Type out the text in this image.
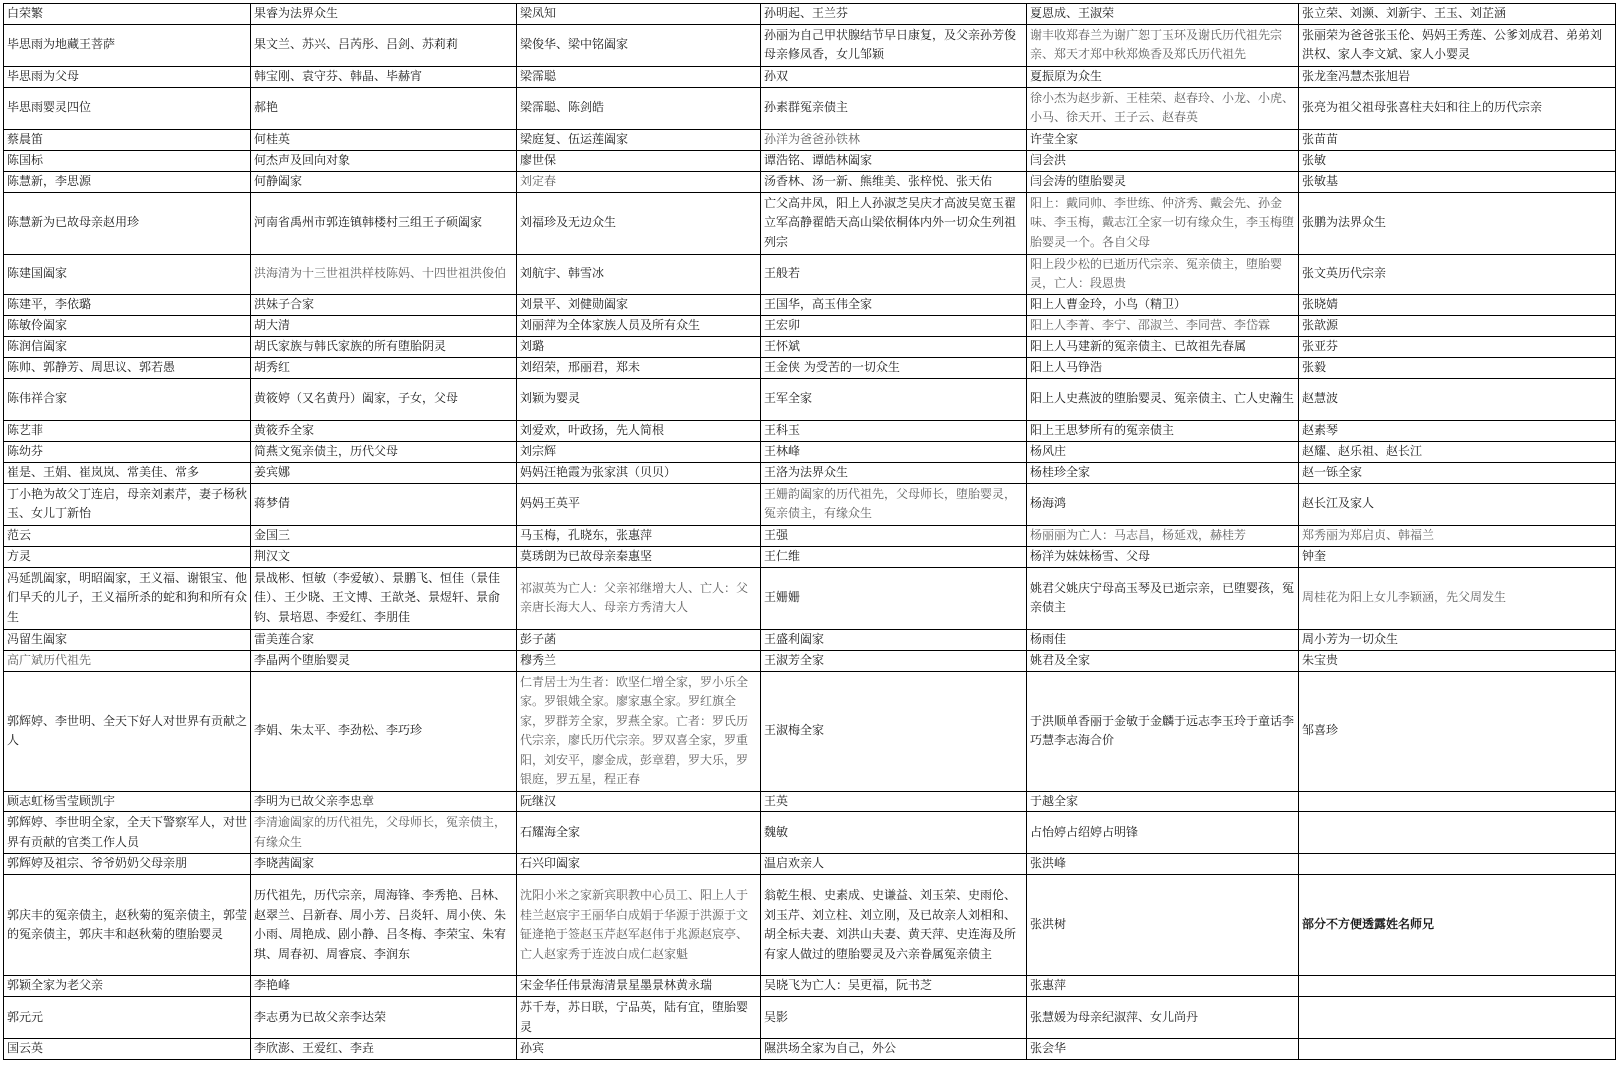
白荣繁	果睿为法界众生	梁凤知	孙明起、王兰芬	夏恩成、王淑荣	张立荣、刘濒、刘新宇、王玉、刘芷涵
毕思雨为地藏王菩萨	果文兰、苏兴、吕芮彤、吕剑、苏莉莉	梁俊华、梁中铭阖家	孙丽为自己甲状腺结节早日康复，及父亲孙芳俊母亲修凤香，女儿邹颖	谢丰收郑春兰为谢广恕丁玉环及谢氏历代祖先宗亲、郑天才郑中秋郑焕香及郑氏历代祖先	张丽荣为爸爸张玉伦、妈妈王秀莲、公爹刘成君、弟弟刘洪权、家人李文斌、家人小婴灵
毕思雨为父母	韩宝刚、袁守芬、韩晶、毕赫宵	梁霈聪	孙双	夏振原为众生	张龙奎冯慧杰张旭岩
毕思雨婴灵四位	郝艳	梁霈聪、陈剑皓	孙素群冤亲债主	徐小杰为赵步新、王桂荣、赵春玲、小龙、小虎、小马、徐天开、王子云、赵春英	张亮为祖父祖母张喜柱夫妇和往上的历代宗亲
蔡晨笛	何桂英	梁庭复、伍运莲阖家	孙洋为爸爸孙铁林	许莹全家	张苗苗
陈国标	何杰声及回向对象	廖世保	谭浩铭、谭皓林阖家	闫会洪	张敏
陈慧新，李思源	何静阖家	刘定春	汤香林、汤一新、熊维美、张梓悦、张天佑	闫会涛的堕胎婴灵	张敏基
陈慧新为已故母亲赵用珍	河南省禹州市郭连镇韩楼村三组王子硕阖家	刘福珍及无边众生	亡父高井凤，阳上人孙淑芝吴庆才高波吴宽玉翟立军高静翟皓天高山梁依桐体内外一切众生列祖列宗	阳上：戴同帅、李世练、仲济秀、戴会先、孙金味、李玉梅，戴志江全家一切有缘众生，李玉梅堕胎婴灵一个。各自父母	张鹏为法界众生
陈建国阖家	洪海清为十三世祖洪样枝陈妈、十四世祖洪俊伯	刘航宇、韩雪冰	王般若	阳上段少松的已逝历代宗亲、冤亲债主，堕胎婴灵，亡人：段恩贵	张文英历代宗亲
陈建平，李依璐	洪妹子合家	刘景平、刘健勋阖家	王国华，高玉伟全家	阳上人曹金玲，小鸟（精卫）	张晓婧
陈敏伶阖家	胡大清	刘丽萍为全体家族人员及所有众生	王宏卯	阳上人李菁、李宁、邵淑兰、李同营、李岱霖	张歆源
陈润信阖家	胡氏家族与韩氏家族的所有堕胎阴灵	刘璐	王怀斌	阳上人马建新的冤亲债主、已故祖先春属	张亚芬
陈帅、郭静芳、周思议、郭若愚	胡秀红	刘绍荣，邢丽君，郑未	王金侠 为受苦的一切众生	阳上人马铮浩	张毅
陈伟祥合家	黄筱婷（又名黄丹）阖家，子女，父母	刘颖为婴灵	王军全家	阳上人史燕波的堕胎婴灵、冤亲债主、亡人史瀚生	赵慧波
陈艺菲	黄筱乔全家	刘爱欢，叶政扬，先人简根	王科玉	阳上王思梦所有的冤亲债主	赵素琴
陈幼芬	简燕文冤亲债主，历代父母	刘宗辉	王林峰	杨风庄	赵耀、赵乐祖、赵长江
崔是、王娟、崔岚岚、常美佳、常多	姜宾娜	妈妈汪艳霞为张家淇（贝贝）	王洛为法界众生	杨桂珍全家	赵一铄全家
丁小艳为故父丁连启，母亲刘素芹，妻子杨秋玉、女儿丁新怡	蒋梦倩	妈妈王英平	王姗韵阖家的历代祖先，父母师长，堕胎婴灵，冤亲债主，有缘众生	杨海鸿	赵长江及家人
范云	金国三	马玉梅，孔晓东，张惠萍	王强	杨丽丽为亡人：马志昌，杨延戏，赫桂芳	郑秀丽为郑启贞、韩福兰
方灵	荆汉文	莫琇朗为已故母亲秦惠坚	王仁维	杨洋为妹妹杨雪、父母	钟奎
冯延凯阖家，明昭阖家，王义福、谢银宝、他们早夭的儿子，王义福所杀的蛇和狗和所有众生	景战彬、恒敏（李爱敏）、景鹏飞、恒佳（景佳佳）、王少晓、王文博、王歆尧、景煜轩、景俞钧、景培恩、李爱红、李朋佳	祁淑英为亡人：父亲祁继增大人、亡人：父亲唐长海大人、母亲方秀清大人	王姗姗	姚君父姚庆宁母高玉琴及已逝宗亲，已堕婴孩，冤亲债主	周桂花为阳上女儿李颖涵，先父周发生
冯留生阖家	雷美莲合家	彭子菡	王盛利阖家	杨雨佳	周小芳为一切众生
高广斌历代祖先	李晶两个堕胎婴灵	穆秀兰	王淑芳全家	姚君及全家	朱宝贵
郭辉婷、李世明、全天下好人对世界有贡献之人	李娟、朱太平、李劲松、李巧珍	仁青居士为生者：欧坚仁增全家，罗小乐全家。罗银娥全家。廖家惠全家。罗红旗全家，罗群芳全家，罗燕全家。亡者：罗氏历代宗亲，廖氏历代宗亲。罗双喜全家，罗重阳，刘安平，廖金成，彭章碧，罗大乐，罗银庭，罗五星，程正春	王淑梅全家	于洪顺单香丽于金敏于金麟于远志李玉玲于童话李巧慧李志海合价	邹喜珍
顾志虹杨雪莹顾凯宇	李明为已故父亲李忠章	阮继汉	王英	于越全家	
郭辉婷、李世明全家，全天下警察军人，对世界有贡献的官类工作人员	李清逾阖家的历代祖先，父母师长，冤亲债主，有缘众生	石耀海全家	魏敏	占怡婷占绍婷占明锋	
郭辉婷及祖宗、爷爷奶奶父母亲朋	李晓茜阖家	石兴印阖家	温启欢亲人	张洪峰	
郭庆丰的冤亲债主，赵秋菊的冤亲债主，郭莹的冤亲债主，郭庆丰和赵秋菊的堕胎婴灵	历代祖先，历代宗亲，周海锋、李秀艳、吕林、赵翠兰、吕新春、周小芳、吕炎轩、周小侠、朱小雨、周艳成、剧小静、吕冬梅、李荣宝、朱宥琪、周春初、周睿宸、李润东	沈阳小米之家新宾职教中心员工、阳上人于桂兰赵宸宇王丽华白成娟于华源于洪源于文钲逄艳于签赵玉芹赵军赵伟于兆源赵宸亭、亡人赵家秀于连波白成仁赵家魁	翁乾生根、史素成、史谦益、刘玉荣、史雨伦、刘玉芹、刘立柱、刘立刚，及已故亲人刘相和、胡全标夫妻、刘洪山夫妻、黄天萍、史连海及所有家人做过的堕胎婴灵及六亲眷属冤亲债主	张洪树	部分不方便透露姓名师兄
郭颖全家为老父亲	李艳峰	宋金华任伟景海清景星墨景林黄永瑞	吴晓飞为亡人：吴更福，阮书芝	张惠萍	
郭元元	李志勇为已故父亲李达荣	苏千寿，苏日联，宁品英，陆有宜，堕胎婴灵	吴影	张慧媛为母亲纪淑萍、女儿尚丹	
国云英	李欣澎、王爱红、李垚	孙宾	隰洪场全家为自己，外公	张会华	
